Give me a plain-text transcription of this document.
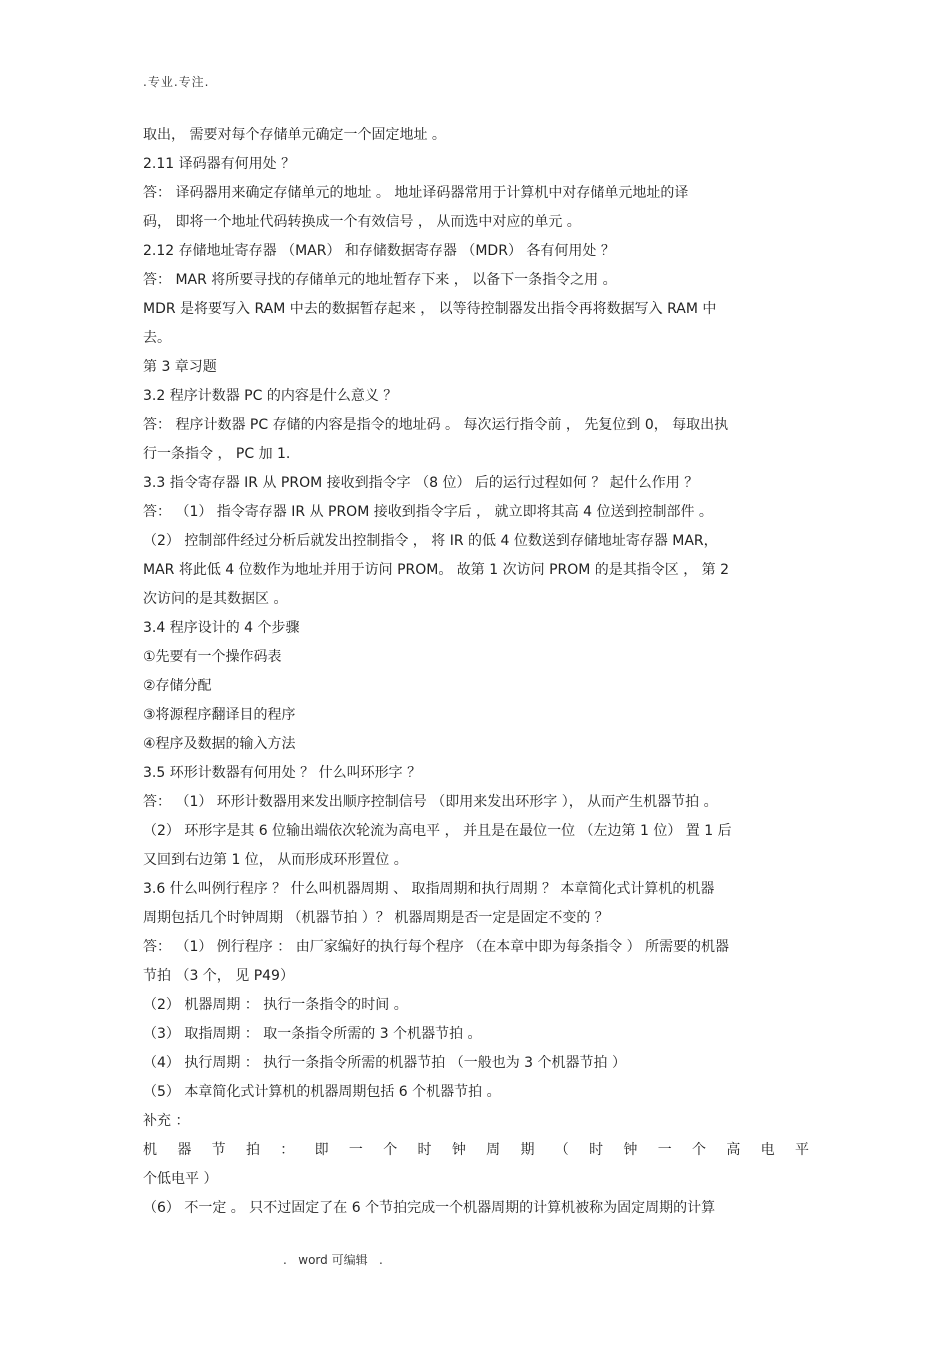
.专业.专注.
取出， 需要对每个存储单元确定一个固定地址 。
2.11 译码器有何用处 ？
答： 译码器用来确定存储单元的地址 。 地址译码器常用于计算机中对存储单元地址的译
码， 即将一个地址代码转换成一个有效信号 ， 从而选中对应的单元 。
2.12 存储地址寄存器 （MAR） 和存储数据寄存器 （MDR） 各有何用处 ？
答： MAR 将所要寻找的存储单元的地址暂存下来 ， 以备下一条指令之用 。
MDR 是将要写入 RAM 中去的数据暂存起来 ， 以等待控制器发出指令再将数据写入 RAM 中
去。
第 3 章习题
3.2 程序计数器 PC 的内容是什么意义 ？
答： 程序计数器 PC 存储的内容是指令的地址码 。 每次运行指令前 ， 先复位到 0， 每取出执
行一条指令 ， PC 加 1.
3.3 指令寄存器 IR 从 PROM 接收到指令字 （8 位） 后的运行过程如何 ？ 起什么作用 ？
答： （1） 指令寄存器 IR 从 PROM 接收到指令字后 ， 就立即将其高 4 位送到控制部件 。
（2） 控制部件经过分析后就发出控制指令 ， 将 IR 的低 4 位数送到存储地址寄存器 MAR，
MAR 将此低 4 位数作为地址并用于访问 PROM。 故第 1 次访问 PROM 的是其指令区 ， 第 2
次访问的是其数据区 。
3.4 程序设计的 4 个步骤
①先要有一个操作码表
②存储分配
③将源程序翻译目的程序
④程序及数据的输入方法
3.5 环形计数器有何用处 ？ 什么叫环形字 ？
答： （1） 环形计数器用来发出顺序控制信号 （即用来发出环形字 ）， 从而产生机器节拍 。
（2） 环形字是其 6 位输出端依次轮流为高电平 ， 并且是在最位一位 （左边第 1 位） 置 1 后
又回到右边第 1 位， 从而形成环形置位 。
3.6 什么叫例行程序 ？ 什么叫机器周期 、 取指周期和执行周期 ？ 本章简化式计算机的机器
周期包括几个时钟周期 （机器节拍 ）？ 机器周期是否一定是固定不变的 ？
答： （1） 例行程序 ： 由厂家编好的执行每个程序 （在本章中即为每条指令 ） 所需要的机器
节拍 （3 个， 见 P49）
（2） 机器周期 ： 执行一条指令的时间 。
（3） 取指周期 ： 取一条指令所需的 3 个机器节拍 。
（4） 执行周期 ： 执行一条指令所需的机器节拍 （一般也为 3 个机器节拍 ）
（5） 本章简化式计算机的机器周期包括 6 个机器节拍 。
补充 ：
机 器 节 拍 ： 即 一 个 时 钟 周 期 （ 时 钟 一 个 高 电 平
个低电平 ）
（6） 不一定 。 只不过固定了在 6 个节拍完成一个机器周期的计算机被称为固定周期的计算
.   word 可编辑   .
